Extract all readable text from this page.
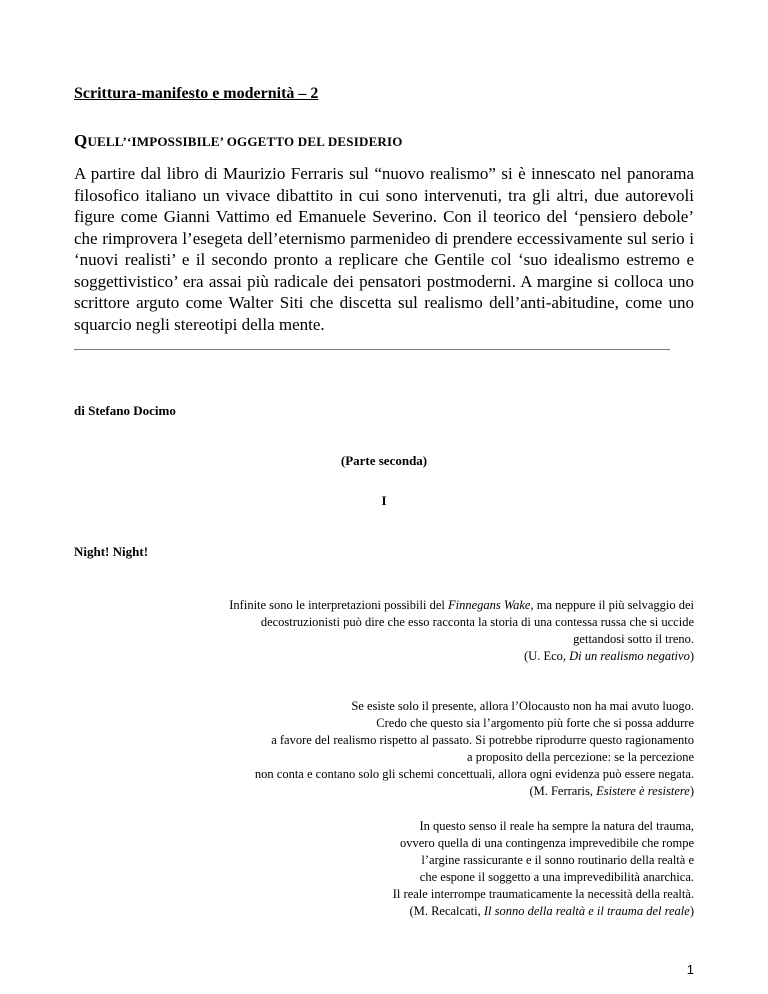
Scrittura-manifesto e modernità – 2
QUELL’‘IMPOSSIBILE’ OGGETTO DEL DESIDERIO
A partire dal libro di Maurizio Ferraris sul “nuovo realismo” si è innescato nel panorama filosofico italiano un vivace dibattito in cui sono intervenuti, tra gli altri, due autorevoli figure come Gianni Vattimo ed Emanuele Severino. Con il teorico del ‘pensiero debole’ che rimprovera l’esegeta dell’eternismo parmenideo di prendere eccessivamente sul serio i ‘nuovi realisti’ e il secondo pronto a replicare che Gentile col ‘suo idealismo estremo e soggettivistico’ era assai più radicale dei pensatori postmoderni. A margine si colloca uno scrittore arguto come Walter Siti che discetta sul realismo dell’anti-abitudine, come uno squarcio negli stereotipi della mente.
di Stefano Docimo
(Parte seconda)
I
Night! Night!
Infinite sono le interpretazioni possibili del Finnegans Wake, ma neppure il più selvaggio dei
decostruzionisti può dire che esso racconta la storia di una contessa russa che si uccide
gettandosi sotto il treno.
(U. Eco, Di un realismo negativo)
Se esiste solo il presente, allora l’Olocausto non ha mai avuto luogo.
Credo che questo sia l’argomento più forte che si possa addurre
a favore del realismo rispetto al passato. Si potrebbe riprodurre questo ragionamento
a proposito della percezione: se la percezione
non conta e contano solo gli schemi concettuali, allora ogni evidenza può essere negata.
(M. Ferraris, Esistere è resistere)
In questo senso il reale ha sempre la natura del trauma,
ovvero quella di una contingenza imprevedibile che rompe
l’argine rassicurante e il sonno routinario della realtà e
che espone il soggetto a una imprevedibilità anarchica.
Il reale interrompe traumaticamente la necessità della realtà.
(M. Recalcati, Il sonno della realtà e il trauma del reale)
1
